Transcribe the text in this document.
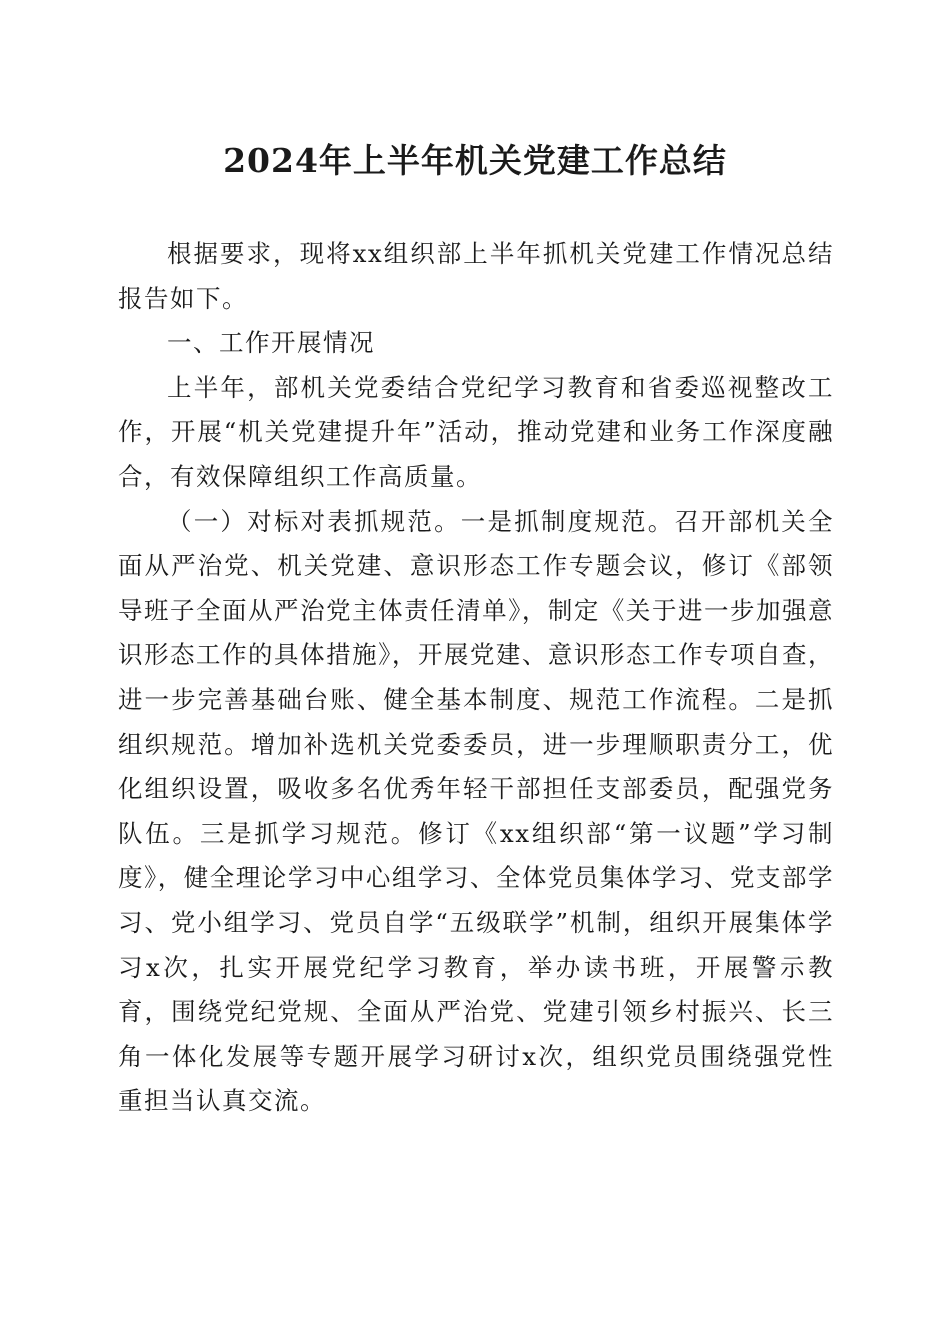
2024年上半年机关党建工作总结

根据要求，现将xx组织部上半年抓机关党建工作情况总结报告如下。

一、工作开展情况

上半年，部机关党委结合党纪学习教育和省委巡视整改工作，开展“机关党建提升年”活动，推动党建和业务工作深度融合，有效保障组织工作高质量。

（一）对标对表抓规范。一是抓制度规范。召开部机关全面从严治党、机关党建、意识形态工作专题会议，修订《部领导班子全面从严治党主体责任清单》，制定《关于进一步加强意识形态工作的具体措施》，开展党建、意识形态工作专项自查，进一步完善基础台账、健全基本制度、规范工作流程。二是抓组织规范。增加补选机关党委委员，进一步理顺职责分工，优化组织设置，吸收多名优秀年轻干部担任支部委员，配强党务队伍。三是抓学习规范。修订《xx组织部“第一议题”学习制度》，健全理论学习中心组学习、全体党员集体学习、党支部学习、党小组学习、党员自学“五级联学”机制，组织开展集体学习x次，扎实开展党纪学习教育，举办读书班，开展警示教育，围绕党纪党规、全面从严治党、党建引领乡村振兴、长三角一体化发展等专题开展学习研讨x次，组织党员围绕强党性重担当认真交流。
